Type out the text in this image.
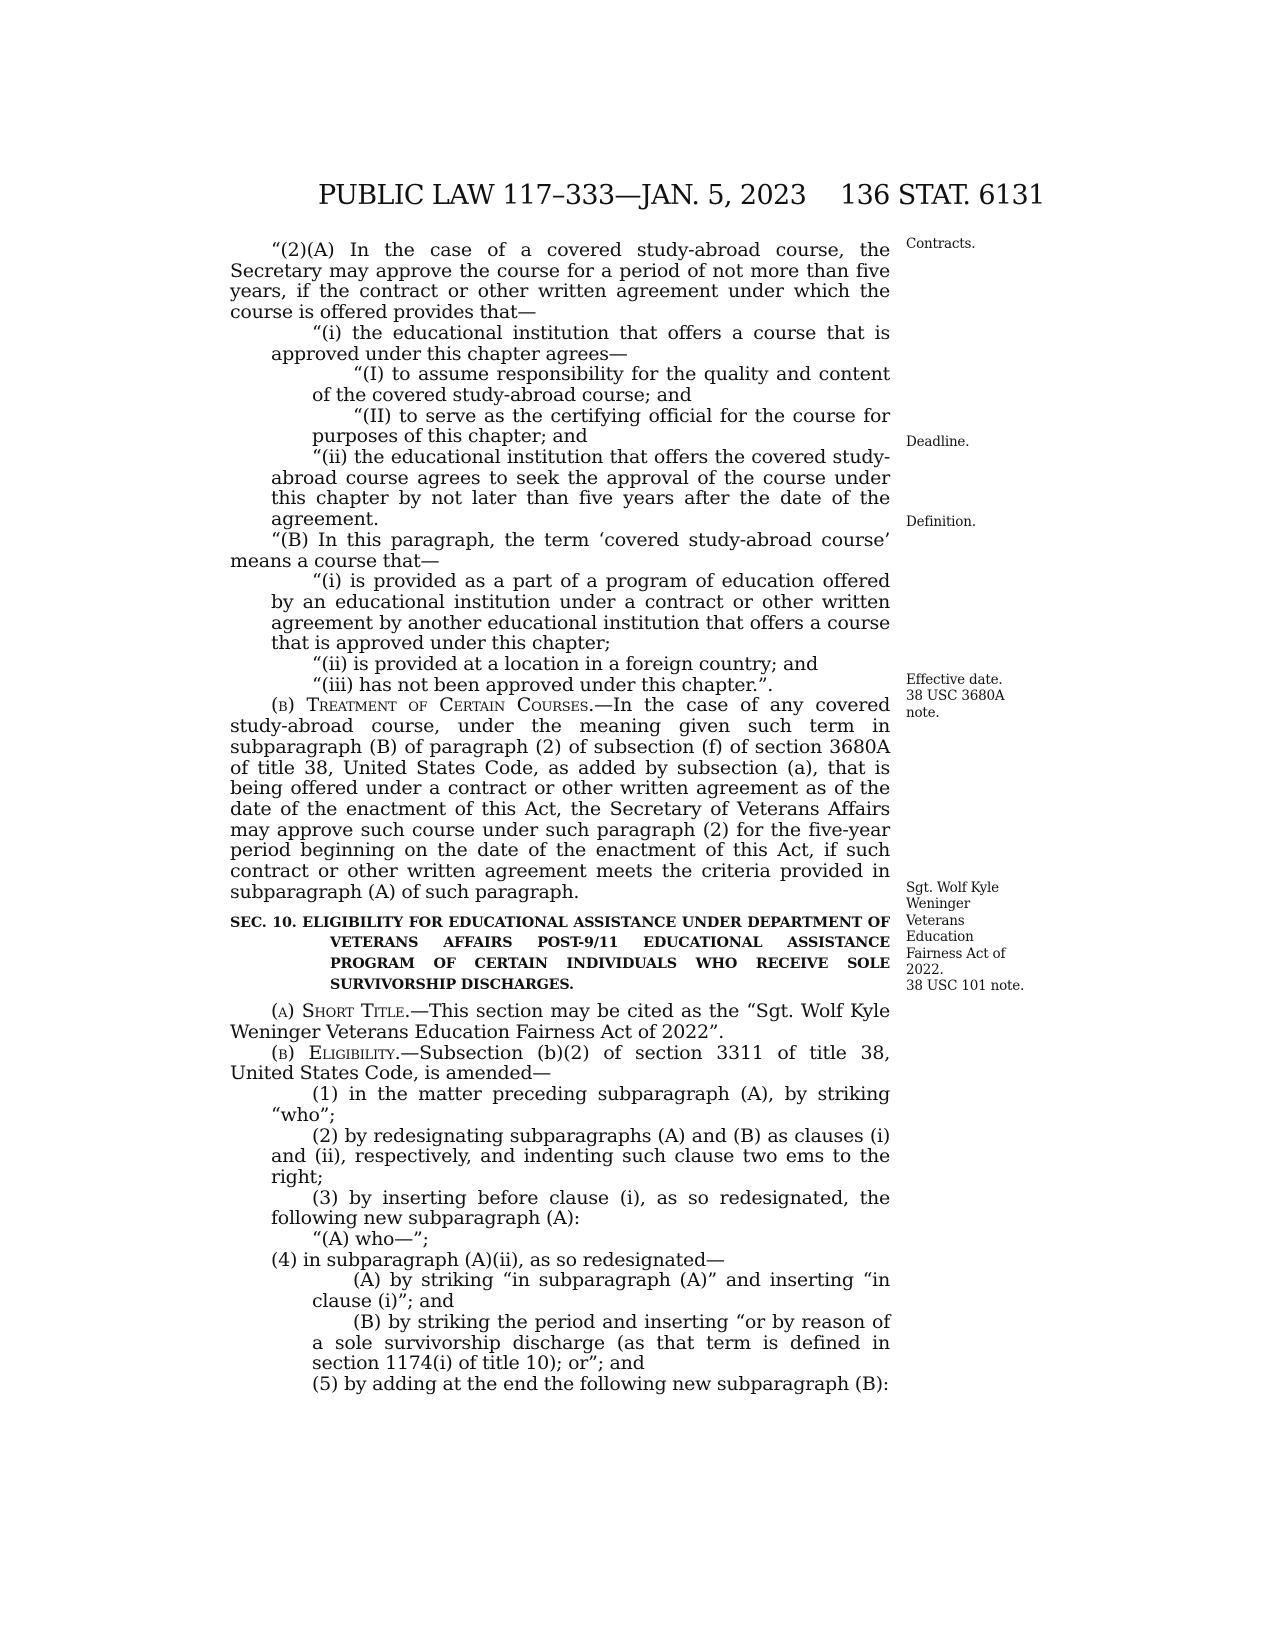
PUBLIC LAW 117–333—JAN. 5, 2023 136 STAT. 6131

“(2)(A) In the case of a covered study-abroad course, the Secretary may approve the course for a period of not more than five years, if the contract or other written agreement under which the course is offered provides that—

“(i) the educational institution that offers a course that is approved under this chapter agrees—

“(I) to assume responsibility for the quality and content of the covered study-abroad course; and

“(II) to serve as the certifying official for the course for purposes of this chapter; and

“(ii) the educational institution that offers the covered study-abroad course agrees to seek the approval of the course under this chapter by not later than five years after the date of the agreement.

“(B) In this paragraph, the term ‘covered study-abroad course’ means a course that—

“(i) is provided as a part of a program of education offered by an educational institution under a contract or other written agreement by another educational institution that offers a course that is approved under this chapter;

“(ii) is provided at a location in a foreign country; and

“(iii) has not been approved under this chapter.”.

(b) Treatment of Certain Courses.—In the case of any covered study-abroad course, under the meaning given such term in subparagraph (B) of paragraph (2) of subsection (f) of section 3680A of title 38, United States Code, as added by subsection (a), that is being offered under a contract or other written agreement as of the date of the enactment of this Act, the Secretary of Veterans Affairs may approve such course under such paragraph (2) for the five-year period beginning on the date of the enactment of this Act, if such contract or other written agreement meets the criteria provided in subparagraph (A) of such paragraph.

SEC. 10. ELIGIBILITY FOR EDUCATIONAL ASSISTANCE UNDER DEPARTMENT OF VETERANS AFFAIRS POST-9/11 EDUCATIONAL ASSISTANCE PROGRAM OF CERTAIN INDIVIDUALS WHO RECEIVE SOLE SURVIVORSHIP DISCHARGES.

(a) Short Title.—This section may be cited as the “Sgt. Wolf Kyle Weninger Veterans Education Fairness Act of 2022”.

(b) Eligibility.—Subsection (b)(2) of section 3311 of title 38, United States Code, is amended—

(1) in the matter preceding subparagraph (A), by striking “who”;

(2) by redesignating subparagraphs (A) and (B) as clauses (i) and (ii), respectively, and indenting such clause two ems to the right;

(3) by inserting before clause (i), as so redesignated, the following new subparagraph (A):

“(A) who—”;

(4) in subparagraph (A)(ii), as so redesignated—

(A) by striking “in subparagraph (A)” and inserting “in clause (i)”; and

(B) by striking the period and inserting “or by reason of a sole survivorship discharge (as that term is defined in section 1174(i) of title 10); or”; and

(5) by adding at the end the following new subparagraph (B):

Contracts.
Deadline.
Definition.
Effective date.
38 USC 3680A
note.
Sgt. Wolf Kyle
Weninger
Veterans
Education
Fairness Act of
2022.
38 USC 101 note.
